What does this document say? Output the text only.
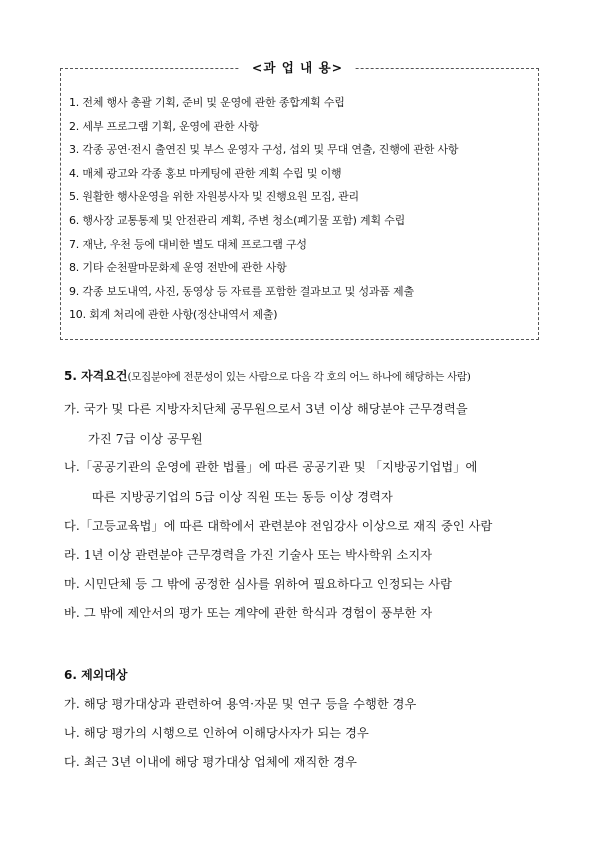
<과 업 내 용>
1. 전체 행사 총괄 기획, 준비 및 운영에 관한 종합계획 수립
2. 세부 프로그램 기획, 운영에 관한 사항
3. 각종 공연·전시 출연진 및 부스 운영자 구성, 섭외 및 무대 연출, 진행에 관한 사항
4. 매체 광고와 각종 홍보 마케팅에 관한 계획 수립 및 이행
5. 원활한 행사운영을 위한 자원봉사자 및 진행요원 모집, 관리
6. 행사장 교통통제 및 안전관리 계획, 주변 청소(폐기물 포함) 계획 수립
7. 재난, 우천 등에 대비한 별도 대체 프로그램 구성
8. 기타 순천팔마문화제 운영 전반에 관한 사항
9. 각종 보도내역, 사진, 동영상 등 자료를 포함한 결과보고 및 성과품 제출
10. 회계 처리에 관한 사항(정산내역서 제출)
5. 자격요건(모집분야에 전문성이 있는 사람으로 다음 각 호의 어느 하나에 해당하는 사람)
가. 국가 및 다른 지방자치단체 공무원으로서 3년 이상 해당분야 근무경력을
가진 7급 이상 공무원
나.「공공기관의 운영에 관한 법률」에 따른 공공기관 및 「지방공기업법」에
따른 지방공기업의 5급 이상 직원 또는 동등 이상 경력자
다.「고등교육법」에 따른 대학에서 관련분야 전임강사 이상으로 재직 중인 사람
라. 1년 이상 관련분야 근무경력을 가진 기술사 또는 박사학위 소지자
마. 시민단체 등 그 밖에 공정한 심사를 위하여 필요하다고 인정되는 사람
바. 그 밖에 제안서의 평가 또는 계약에 관한 학식과 경험이 풍부한 자
6. 제외대상
가. 해당 평가대상과 관련하여 용역·자문 및 연구 등을 수행한 경우
나. 해당 평가의 시행으로 인하여 이해당사자가 되는 경우
다. 최근 3년 이내에 해당 평가대상 업체에 재직한 경우
